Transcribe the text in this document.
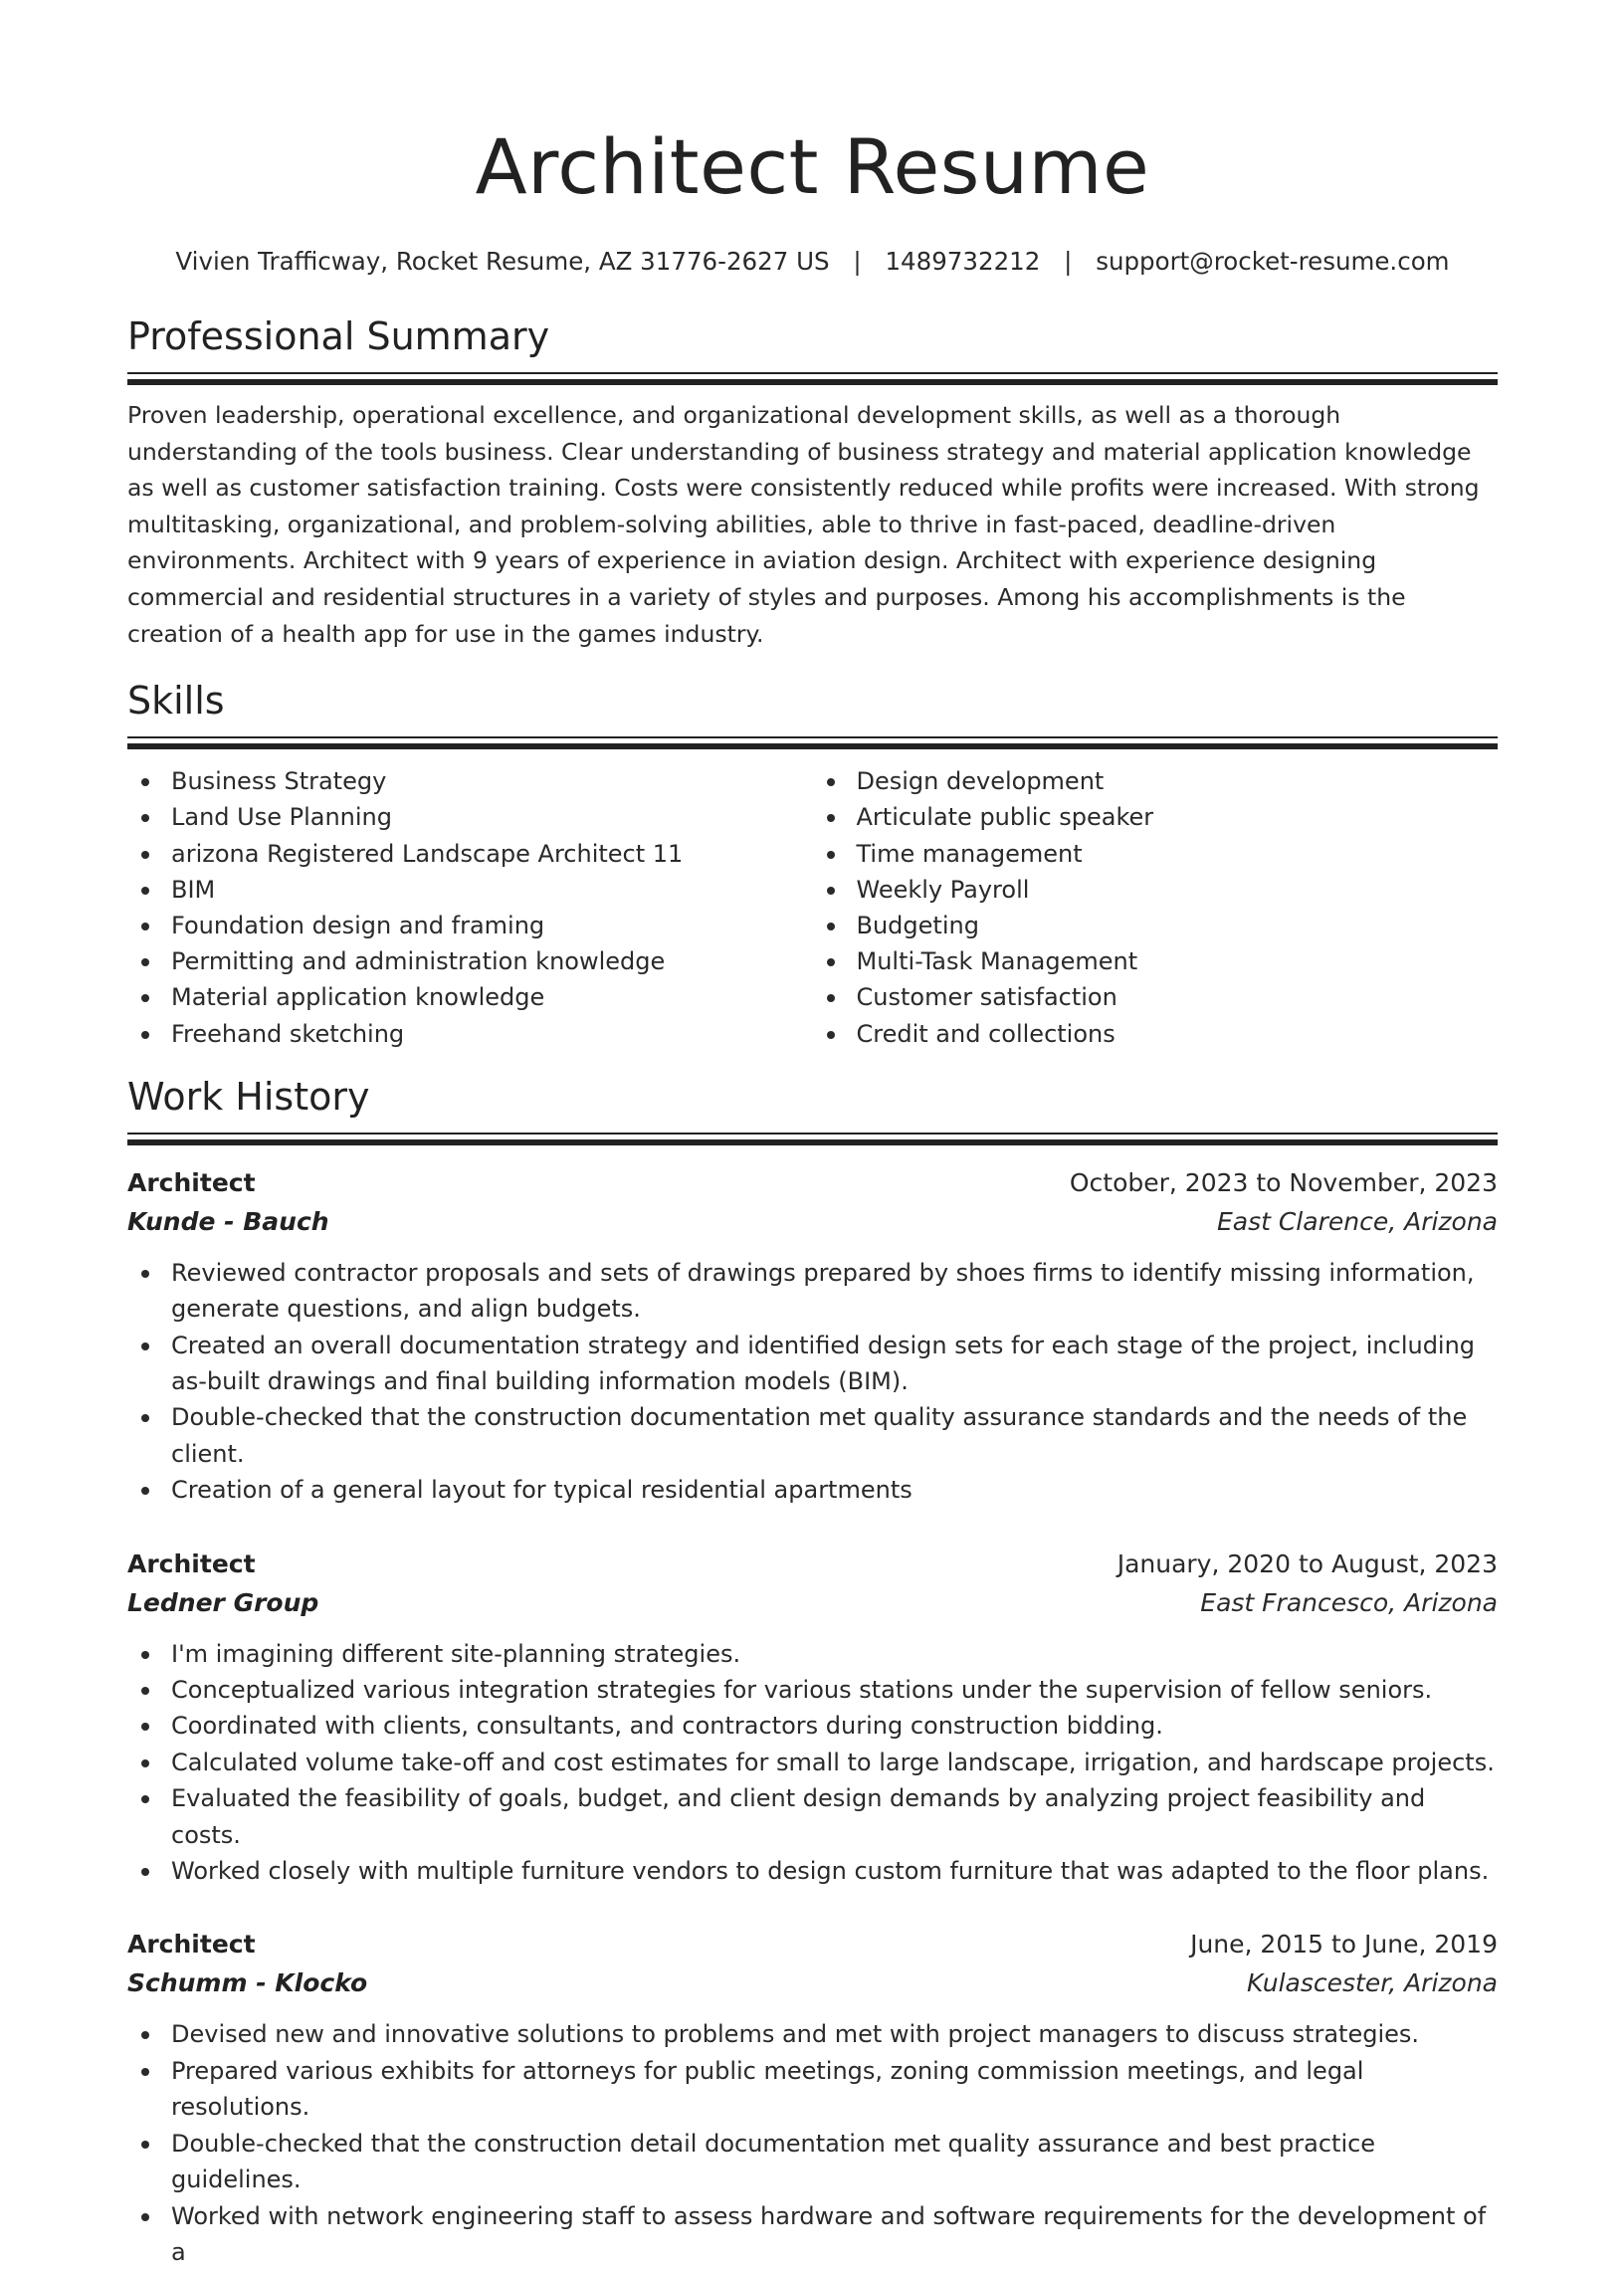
Architect Resume
Vivien Trafficway, Rocket Resume, AZ 31776-2627 US | 1489732212 | support@rocket-resume.com
Professional Summary

Proven leadership, operational excellence, and organizational development skills, as well as a thorough understanding of the tools business. Clear understanding of business strategy and material application knowledge as well as customer satisfaction training. Costs were consistently reduced while profits were increased. With strong multitasking, organizational, and problem-solving abilities, able to thrive in fast-paced, deadline-driven environments. Architect with 9 years of experience in aviation design. Architect with experience designing commercial and residential structures in a variety of styles and purposes. Among his accomplishments is the creation of a health app for use in the games industry.

Skills
Business Strategy
Land Use Planning
arizona Registered Landscape Architect 11
BIM
Foundation design and framing
Permitting and administration knowledge
Material application knowledge
Freehand sketching
Design development
Articulate public speaker
Time management
Weekly Payroll
Budgeting
Multi-Task Management
Customer satisfaction
Credit and collections
Work History
Architect	October, 2023 to November, 2023
Kunde - Bauch	East Clarence, Arizona
Reviewed contractor proposals and sets of drawings prepared by shoes firms to identify missing information, generate questions, and align budgets.
Created an overall documentation strategy and identified design sets for each stage of the project, including as-built drawings and final building information models (BIM).
Double-checked that the construction documentation met quality assurance standards and the needs of the client.
Creation of a general layout for typical residential apartments
Architect	January, 2020 to August, 2023
Ledner Group	East Francesco, Arizona
I'm imagining different site-planning strategies.
Conceptualized various integration strategies for various stations under the supervision of fellow seniors.
Coordinated with clients, consultants, and contractors during construction bidding.
Calculated volume take-off and cost estimates for small to large landscape, irrigation, and hardscape projects.
Evaluated the feasibility of goals, budget, and client design demands by analyzing project feasibility and costs.
Worked closely with multiple furniture vendors to design custom furniture that was adapted to the floor plans.
Architect	June, 2015 to June, 2019
Schumm - Klocko	Kulascester, Arizona
Devised new and innovative solutions to problems and met with project managers to discuss strategies.
Prepared various exhibits for attorneys for public meetings, zoning commission meetings, and legal resolutions.
Double-checked that the construction detail documentation met quality assurance and best practice guidelines.
Worked with network engineering staff to assess hardware and software requirements for the development of a
